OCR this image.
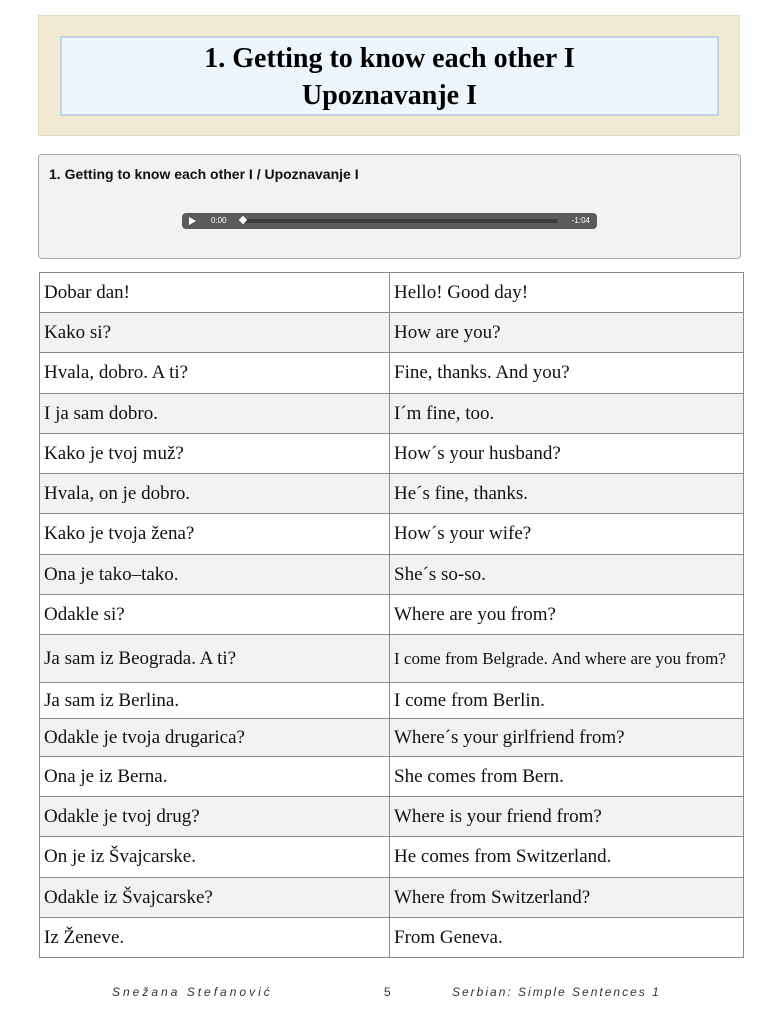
1. Getting to know each other I
Upoznavanje I
1. Getting to know each other I / Upoznavanje I
0:00	-1:04
Dobar dan!	Hello! Good day!
Kako si?	How are you?
Hvala, dobro. A ti?	Fine, thanks. And you?
I ja sam dobro.	I´m fine, too.
Kako je tvoj muž?	How´s your husband?
Hvala, on je dobro.	He´s fine, thanks.
Kako je tvoja žena?	How´s your wife?
Ona je tako–tako.	She´s so-so.
Odakle si?	Where are you from?
Ja sam iz Beograda. A ti?	I come from Belgrade. And where are you from?
Ja sam iz Berlina.	I come from Berlin.
Odakle je tvoja drugarica?	Where´s your girlfriend from?
Ona je iz Berna.	She comes from Bern.
Odakle je tvoj drug?	Where is your friend from?
On je iz Švajcarske.	He comes from Switzerland.
Odakle iz Švajcarske?	Where from Switzerland?
Iz Ženeve.	From Geneva.
Snežana Stefanović	5	Serbian: Simple Sentences 1
